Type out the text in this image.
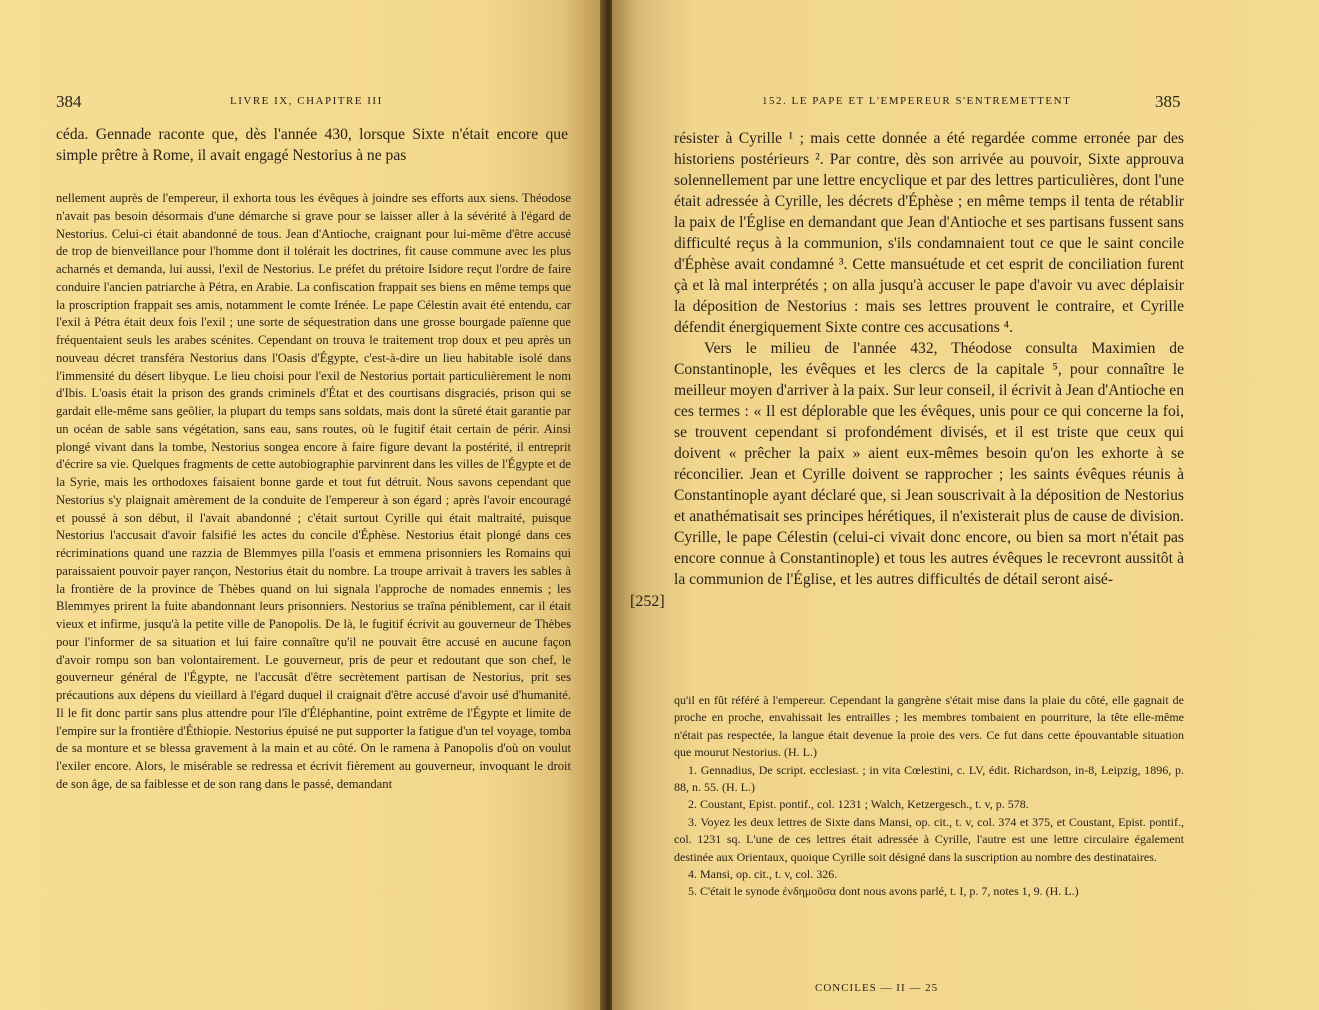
384	LIVRE IX, CHAPITRE III

céda. Gennade raconte que, dès l'année 430, lorsque Sixte n'était encore que simple prêtre à Rome, il avait engagé Nestorius à ne pas

nellement auprès de l'empereur, il exhorta tous les évêques à joindre ses efforts aux siens. Théodose n'avait pas besoin désormais d'une démarche si grave pour se laisser aller à la sévérité à l'égard de Nestorius. Celui-ci était abandonné de tous. Jean d'Antioche, craignant pour lui-même d'être accusé de trop de bienveillance pour l'homme dont il tolérait les doctrines, fit cause commune avec les plus acharnés et demanda, lui aussi, l'exil de Nestorius. Le préfet du prétoire Isidore reçut l'ordre de faire conduire l'ancien patriarche à Pétra, en Arabie. La confiscation frappait ses biens en même temps que la proscription frappait ses amis, notamment le comte Irénée. Le pape Célestin avait été entendu, car l'exil à Pétra était deux fois l'exil ; une sorte de séquestration dans une grosse bourgade païenne que fréquentaient seuls les arabes scénites. Cependant on trouva le traitement trop doux et peu après un nouveau décret transféra Nestorius dans l'Oasis d'Égypte, c'est-à-dire un lieu habitable isolé dans l'immensité du désert libyque. Le lieu choisi pour l'exil de Nestorius portait particulièrement le nom d'Ibis. L'oasis était la prison des grands criminels d'État et des courtisans disgraciés, prison qui se gardait elle-même sans geôlier, la plupart du temps sans soldats, mais dont la sûreté était garantie par un océan de sable sans végétation, sans eau, sans routes, où le fugitif était certain de périr. Ainsi plongé vivant dans la tombe, Nestorius songea encore à faire figure devant la postérité, il entreprit d'écrire sa vie. Quelques fragments de cette autobiographie parvinrent dans les villes de l'Égypte et de la Syrie, mais les orthodoxes faisaient bonne garde et tout fut détruit. Nous savons cependant que Nestorius s'y plaignait amèrement de la conduite de l'empereur à son égard ; après l'avoir encouragé et poussé à son début, il l'avait abandonné ; c'était surtout Cyrille qui était maltraité, puisque Nestorius l'accusait d'avoir falsifié les actes du concile d'Éphèse. Nestorius était plongé dans ces récriminations quand une razzia de Blemmyes pilla l'oasis et emmena prisonniers les Romains qui paraissaient pouvoir payer rançon, Nestorius était du nombre. La troupe arrivait à travers les sables à la frontière de la province de Thèbes quand on lui signala l'approche de nomades ennemis ; les Blemmyes prirent la fuite abandonnant leurs prisonniers. Nestorius se traîna péniblement, car il était vieux et infirme, jusqu'à la petite ville de Panopolis. De là, le fugitif écrivit au gouverneur de Thèbes pour l'informer de sa situation et lui faire connaître qu'il ne pouvait être accusé en aucune façon d'avoir rompu son ban volontairement. Le gouverneur, pris de peur et redoutant que son chef, le gouverneur général de l'Égypte, ne l'accusât d'être secrètement partisan de Nestorius, prit ses précautions aux dépens du vieillard à l'égard duquel il craignait d'être accusé d'avoir usé d'humanité. Il le fit donc partir sans plus attendre pour l'île d'Éléphantine, point extrême de l'Égypte et limite de l'empire sur la frontière d'Éthiopie. Nestorius épuisé ne put supporter la fatigue d'un tel voyage, tomba de sa monture et se blessa gravement à la main et au côté. On le ramena à Panopolis d'où on voulut l'exiler encore. Alors, le misérable se redressa et écrivit fièrement au gouverneur, invoquant le droit de son âge, de sa faiblesse et de son rang dans le passé, demandant

152. LE PAPE ET L'EMPEREUR S'ENTREMETTENT	385
[252]

résister à Cyrille ¹ ; mais cette donnée a été regardée comme erronée par des historiens postérieurs ². Par contre, dès son arrivée au pouvoir, Sixte approuva solennellement par une lettre encyclique et par des lettres particulières, dont l'une était adressée à Cyrille, les décrets d'Éphèse ; en même temps il tenta de rétablir la paix de l'Église en demandant que Jean d'Antioche et ses partisans fussent sans difficulté reçus à la communion, s'ils condamnaient tout ce que le saint concile d'Éphèse avait condamné ³. Cette mansuétude et cet esprit de conciliation furent çà et là mal interprétés ; on alla jusqu'à accuser le pape d'avoir vu avec déplaisir la déposition de Nestorius : mais ses lettres prouvent le contraire, et Cyrille défendit énergiquement Sixte contre ces accusations ⁴.

Vers le milieu de l'année 432, Théodose consulta Maximien de Constantinople, les évêques et les clercs de la capitale ⁵, pour connaître le meilleur moyen d'arriver à la paix. Sur leur conseil, il écrivit à Jean d'Antioche en ces termes : « Il est déplorable que les évêques, unis pour ce qui concerne la foi, se trouvent cependant si profondément divisés, et il est triste que ceux qui doivent « prêcher la paix » aient eux-mêmes besoin qu'on les exhorte à se réconcilier. Jean et Cyrille doivent se rapprocher ; les saints évêques réunis à Constantinople ayant déclaré que, si Jean souscrivait à la déposition de Nestorius et anathématisait ses principes hérétiques, il n'existerait plus de cause de division. Cyrille, le pape Célestin (celui-ci vivait donc encore, ou bien sa mort n'était pas encore connue à Constantinople) et tous les autres évêques le recevront aussitôt à la communion de l'Église, et les autres difficultés de détail seront aisé-

qu'il en fût référé à l'empereur. Cependant la gangrène s'était mise dans la plaie du côté, elle gagnait de proche en proche, envahissait les entrailles ; les membres tombaient en pourriture, la tête elle-même n'était pas respectée, la langue était devenue la proie des vers. Ce fut dans cette épouvantable situation que mourut Nestorius. (H. L.)

1. Gennadius, De script. ecclesiast. ; in vita Cœlestini, c. LV, édit. Richardson, in-8, Leipzig, 1896, p. 88, n. 55. (H. L.)

2. Coustant, Epist. pontif., col. 1231 ; Walch, Ketzergesch., t. v, p. 578.

3. Voyez les deux lettres de Sixte dans Mansi, op. cit., t. v, col. 374 et 375, et Coustant, Epist. pontif., col. 1231 sq. L'une de ces lettres était adressée à Cyrille, l'autre est une lettre circulaire également destinée aux Orientaux, quoique Cyrille soit désigné dans la suscription au nombre des destinataires.

4. Mansi, op. cit., t. v, col. 326.

5. C'était le synode ἐνδημοῦσα dont nous avons parlé, t. I, p. 7, notes 1, 9. (H. L.)

CONCILES — II — 25
